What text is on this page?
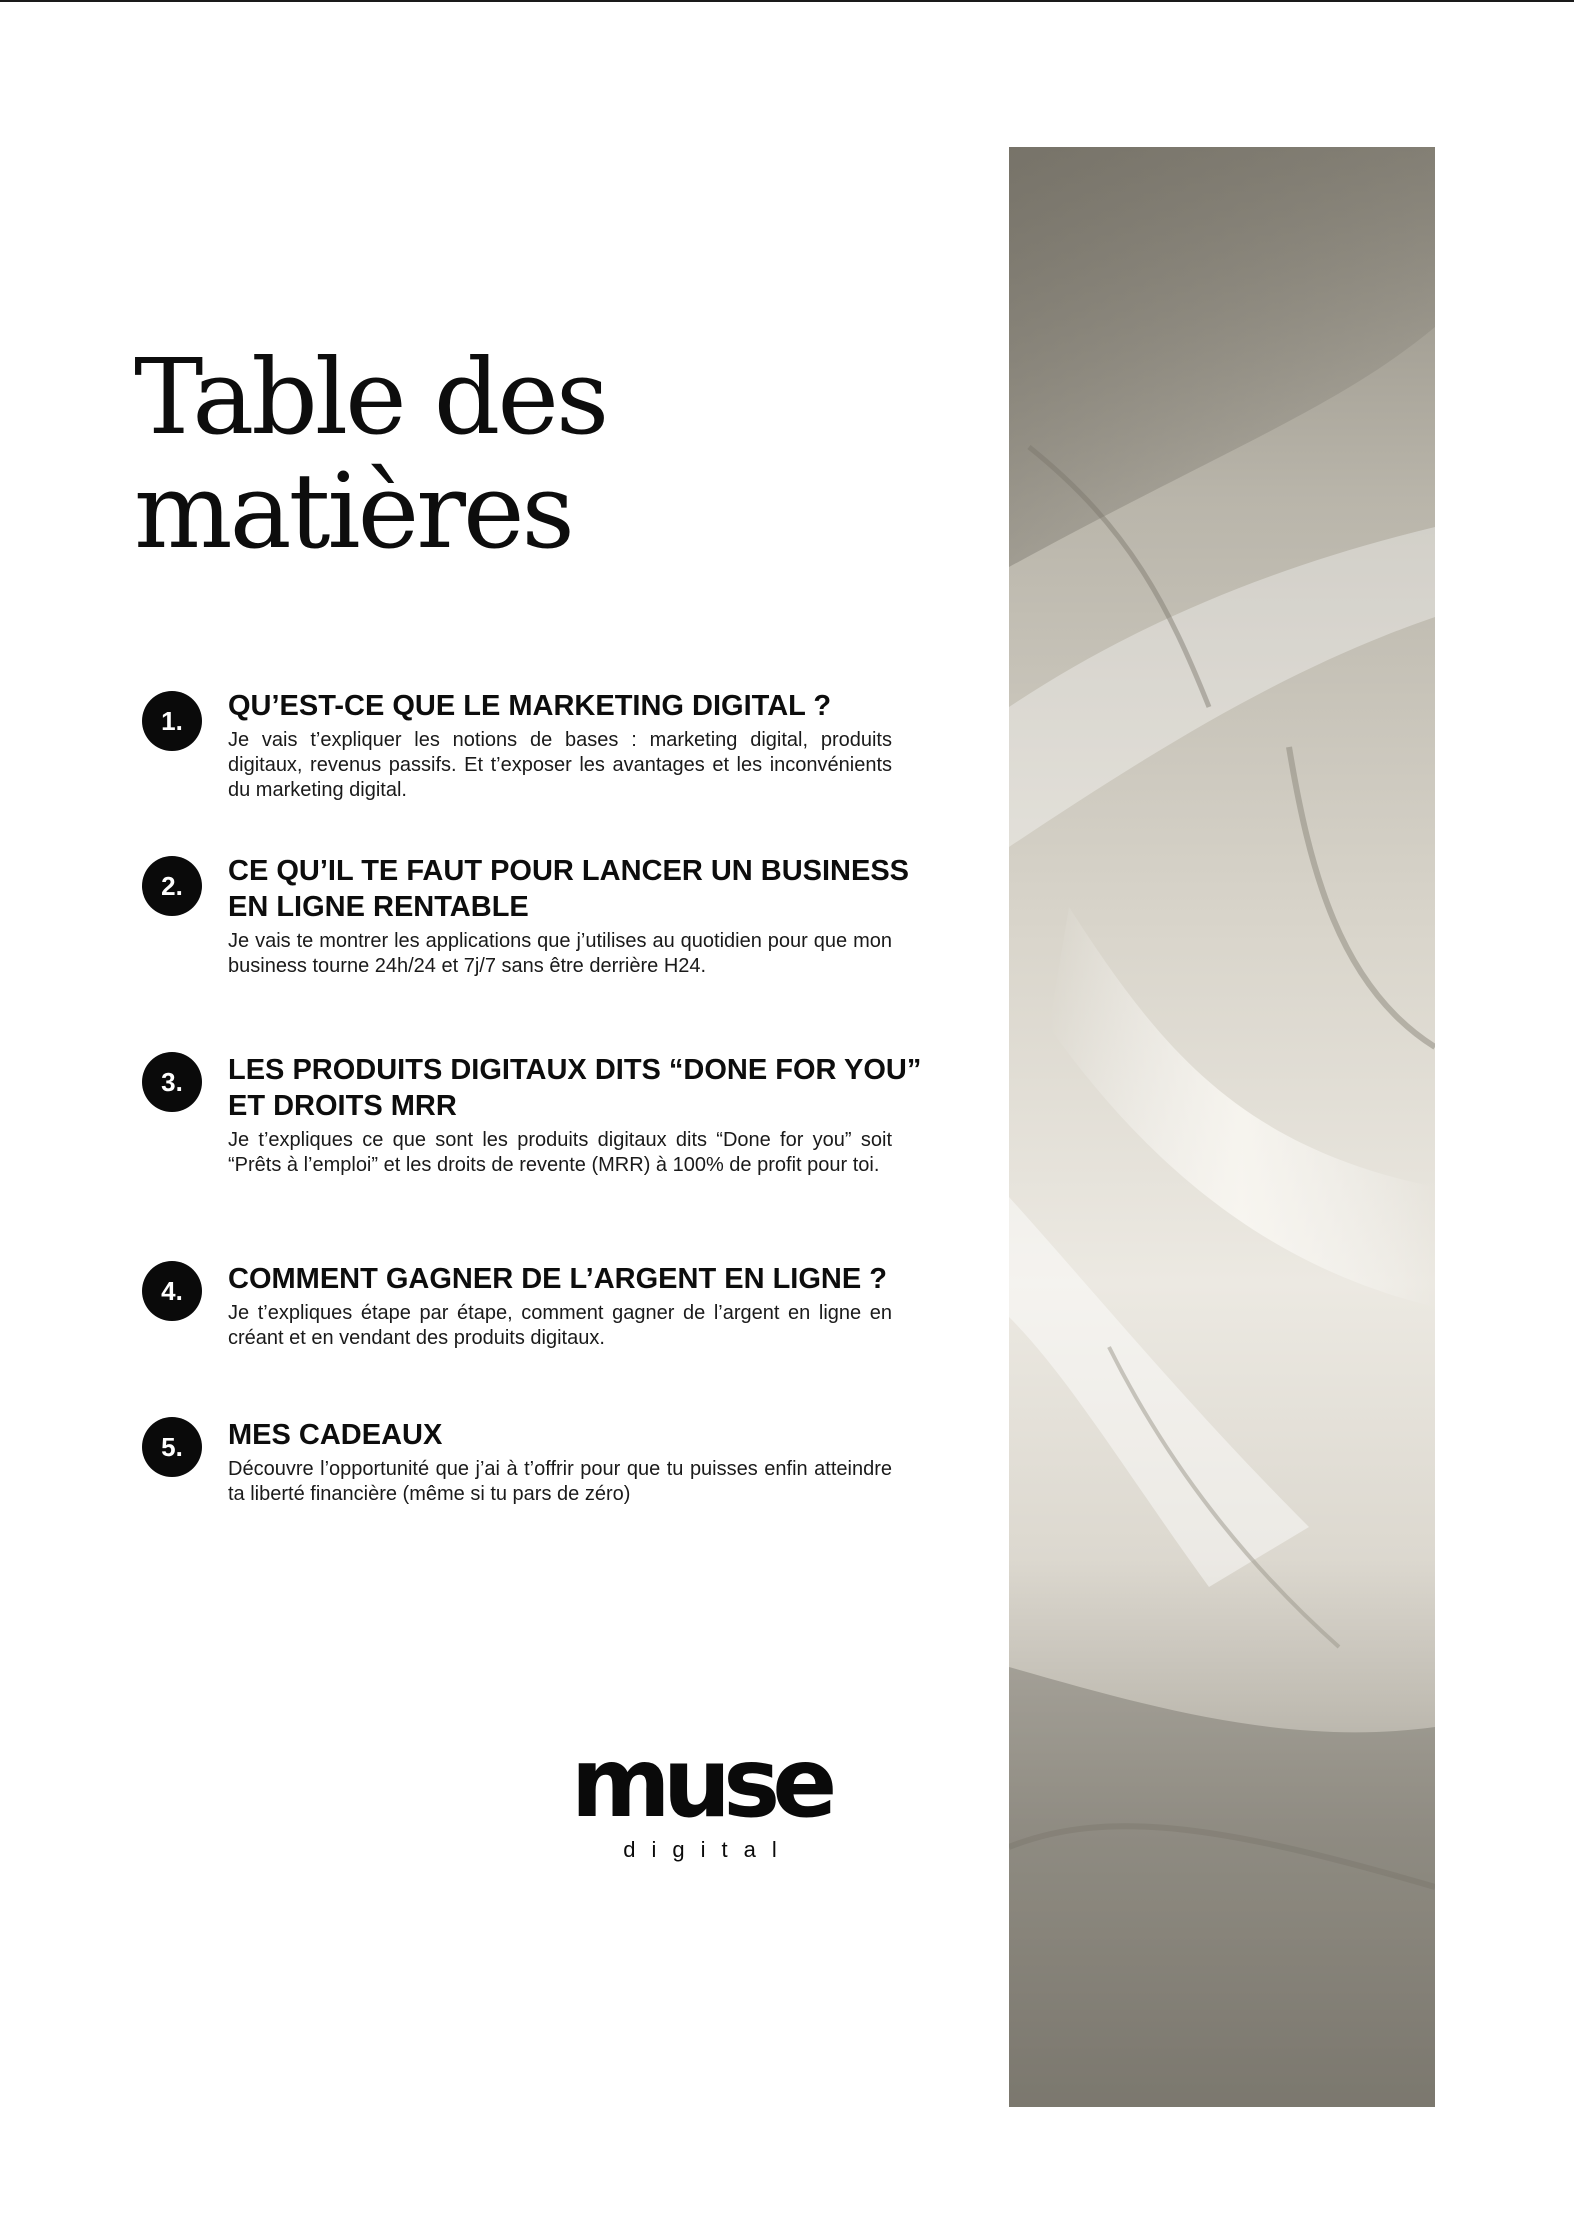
Table des
matières
1.	QU’EST-CE QUE LE MARKETING DIGITAL ?

Je vais t’expliquer les notions de bases : marketing digital, produits digitaux, revenus passifs. Et t’exposer les avantages et les inconvénients du marketing digital.

2.	CE QU’IL TE FAUT POUR LANCER UN BUSINESS EN LIGNE RENTABLE

Je vais te montrer les applications que j’utilises au quotidien pour que mon business tourne 24h/24 et 7j/7 sans être derrière H24.

3.	LES PRODUITS DIGITAUX DITS “DONE FOR YOU” ET DROITS MRR

Je t’expliques ce que sont les produits digitaux dits “Done for you” soit “Prêts à l’emploi” et les droits de revente (MRR) à 100% de profit pour toi.

4.	COMMENT GAGNER DE L’ARGENT EN LIGNE ?

Je t’expliques étape par étape, comment gagner de l’argent en ligne en créant et en vendant des produits digitaux.

5.	MES CADEAUX

Découvre l’opportunité que j’ai à t’offrir pour que tu puisses enfin atteindre ta liberté financière (même si tu pars de zéro)

muse
digital
